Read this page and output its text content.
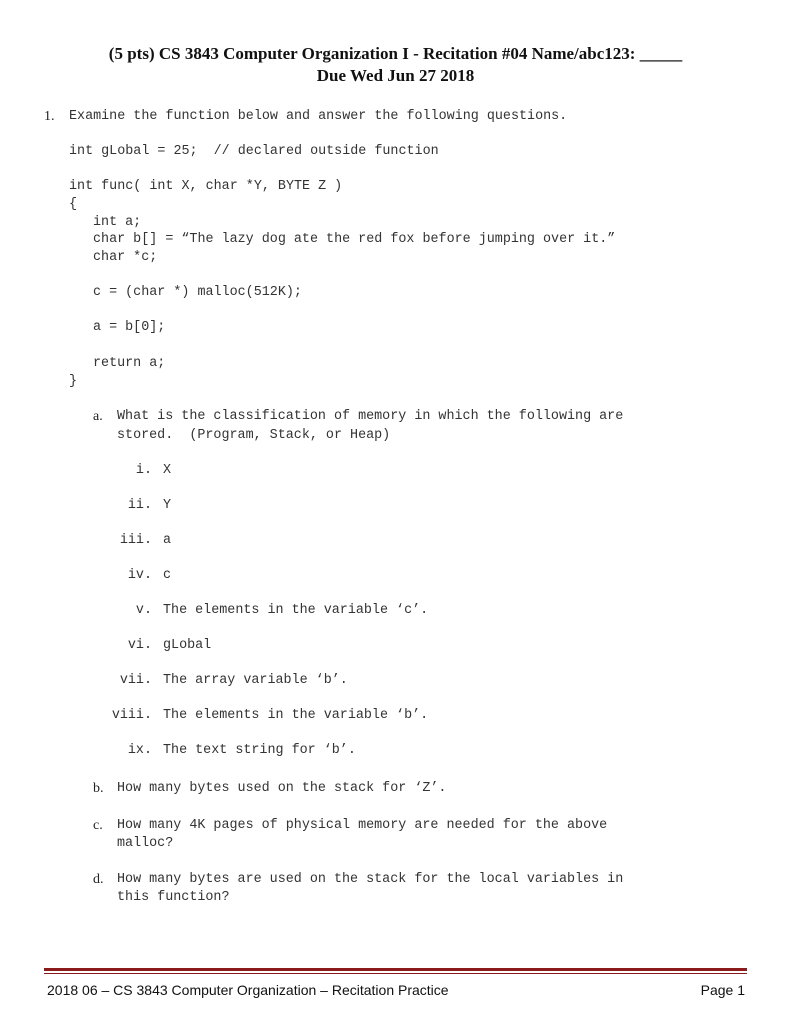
(5 pts) CS 3843 Computer Organization I - Recitation #04 Name/abc123: _____
Due Wed Jun 27 2018
1. Examine the function below and answer the following questions.
int gLobal = 25;  // declared outside function
int func( int X, char *Y, BYTE Z )
{
int a;
char b[] = “The lazy dog ate the red fox before jumping over it.”
char *c;
c = (char *) malloc(512K);
a = b[0];
return a;
}
a. What is the classification of memory in which the following are
stored.  (Program, Stack, or Heap)
i. X
ii. Y
iii. a
iv. c
v. The elements in the variable ‘c’.
vi. gLobal
vii. The array variable ‘b’.
viii. The elements in the variable ‘b’.
ix. The text string for ‘b’.
b. How many bytes used on the stack for ‘Z’.
c. How many 4K pages of physical memory are needed for the above
malloc?
d. How many bytes are used on the stack for the local variables in
this function?
2018 06 – CS 3843 Computer Organization – Recitation Practice	Page 1
